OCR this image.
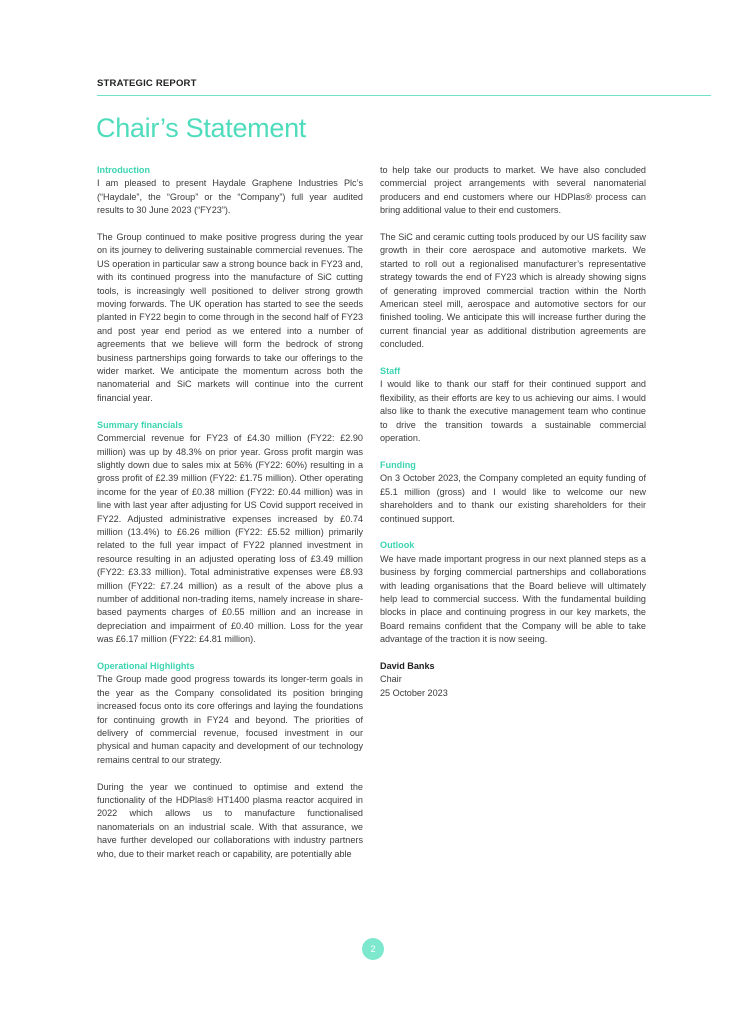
STRATEGIC REPORT
Chair’s Statement
Introduction

I am pleased to present Haydale Graphene Industries Plc’s (“Haydale”, the “Group” or the “Company”) full year audited results to 30 June 2023 (“FY23”).

The Group continued to make positive progress during the year on its journey to delivering sustainable commercial revenues. The US operation in particular saw a strong bounce back in FY23 and, with its continued progress into the manufacture of SiC cutting tools, is increasingly well positioned to deliver strong growth moving forwards. The UK operation has started to see the seeds planted in FY22 begin to come through in the second half of FY23 and post year end period as we entered into a number of agreements that we believe will form the bedrock of strong business partnerships going forwards to take our offerings to the wider market. We anticipate the momentum across both the nanomaterial and SiC markets will continue into the current financial year.

Summary financials

Commercial revenue for FY23 of £4.30 million (FY22: £2.90 million) was up by 48.3% on prior year. Gross profit margin was slightly down due to sales mix at 56% (FY22: 60%) resulting in a gross profit of £2.39 million (FY22: £1.75 million). Other operating income for the year of £0.38 million (FY22: £0.44 million) was in line with last year after adjusting for US Covid support received in FY22. Adjusted administrative expenses increased by £0.74 million (13.4%) to £6.26 million (FY22: £5.52 million) primarily related to the full year impact of FY22 planned investment in resource resulting in an adjusted operating loss of £3.49 million (FY22: £3.33 million). Total administrative expenses were £8.93 million (FY22: £7.24 million) as a result of the above plus a number of additional non-trading items, namely increase in share-based payments charges of £0.55 million and an increase in depreciation and impairment of £0.40 million. Loss for the year was £6.17 million (FY22: £4.81 million).

Operational Highlights

The Group made good progress towards its longer-term goals in the year as the Company consolidated its position bringing increased focus onto its core offerings and laying the foundations for continuing growth in FY24 and beyond. The priorities of delivery of commercial revenue, focused investment in our physical and human capacity and development of our technology remains central to our strategy.

During the year we continued to optimise and extend the functionality of the HDPlas® HT1400 plasma reactor acquired in 2022 which allows us to manufacture functionalised nanomaterials on an industrial scale. With that assurance, we have further developed our collaborations with industry partners who, due to their market reach or capability, are potentially able

to help take our products to market. We have also concluded commercial project arrangements with several nanomaterial producers and end customers where our HDPlas® process can bring additional value to their end customers.

The SiC and ceramic cutting tools produced by our US facility saw growth in their core aerospace and automotive markets. We started to roll out a regionalised manufacturer’s representative strategy towards the end of FY23 which is already showing signs of generating improved commercial traction within the North American steel mill, aerospace and automotive sectors for our finished tooling. We anticipate this will increase further during the current financial year as additional distribution agreements are concluded.

Staff

I would like to thank our staff for their continued support and flexibility, as their efforts are key to us achieving our aims. I would also like to thank the executive management team who continue to drive the transition towards a sustainable commercial operation.

Funding

On 3 October 2023, the Company completed an equity funding of £5.1 million (gross) and I would like to welcome our new shareholders and to thank our existing shareholders for their continued support.

Outlook

We have made important progress in our next planned steps as a business by forging commercial partnerships and collaborations with leading organisations that the Board believe will ultimately help lead to commercial success. With the fundamental building blocks in place and continuing progress in our key markets, the Board remains confident that the Company will be able to take advantage of the traction it is now seeing.

David Banks
Chair
25 October 2023
2
